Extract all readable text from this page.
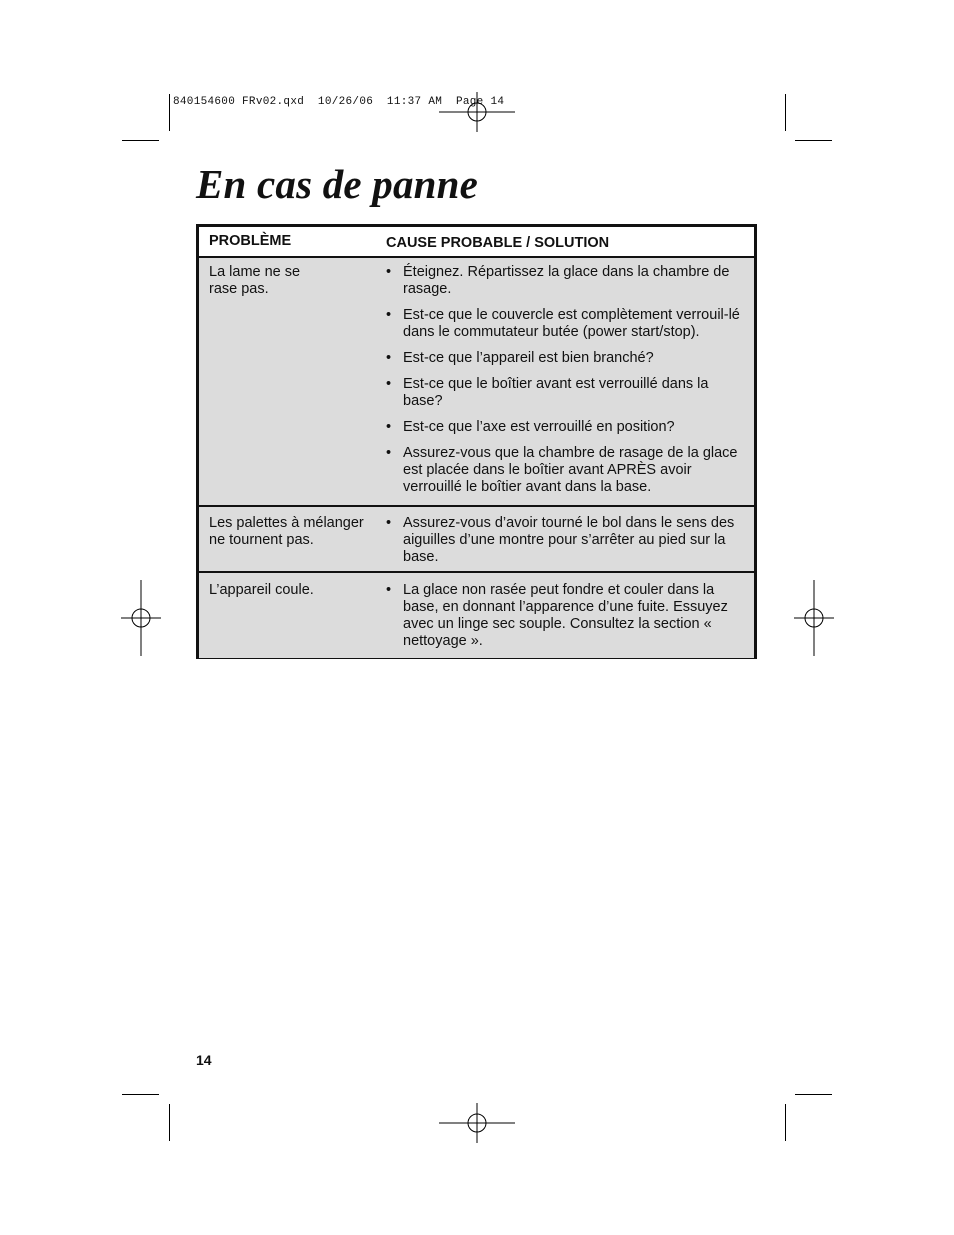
840154600 FRv02.qxd  10/26/06  11:37 AM  Page 14
En cas de panne
PROBLÈME	CAUSE PROBABLE / SOLUTION
La lame ne se rase pas.
• Éteignez. Répartissez la glace dans la chambre de rasage.
• Est-ce que le couvercle est complètement verrouil-lé dans le commutateur butée (power start/stop).
• Est-ce que l’appareil est bien branché?
• Est-ce que le boîtier avant est verrouillé dans la base?
• Est-ce que l’axe est verrouillé en position?
• Assurez-vous que la chambre de rasage de la glace est placée dans le boîtier avant APRÈS avoir verrouillé le boîtier avant dans la base.
Les palettes à mélanger ne tournent pas.
• Assurez-vous d’avoir tourné le bol dans le sens des aiguilles d’une montre pour s’arrêter au pied sur la base.
L’appareil coule.	• La glace non rasée peut fondre et couler dans la base, en donnant l’apparence d’une fuite. Essuyez avec un linge sec souple. Consultez la section « nettoyage ».
14
